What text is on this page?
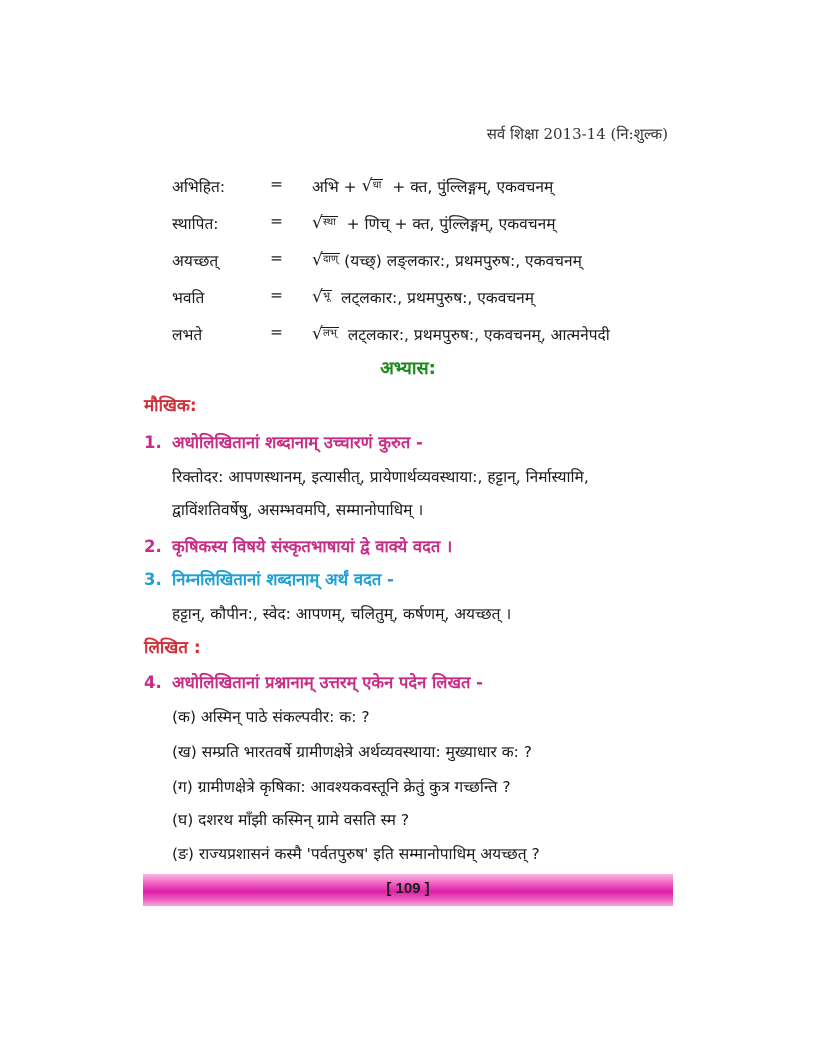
सर्व शिक्षा 2013-14 (नि:शुल्क)
अभिहित:	= अभि + √ धा + क्त, पुंल्लिङ्गम्, एकवचनम्
स्थापित:	= √ स्था + णिच् + क्त, पुंल्लिङ्गम्, एकवचनम्
अयच्छत्	= √ दाण् (यच्छ्) लङ्लकार:, प्रथमपुरुष:, एकवचनम्
भवति	= √ भू लट्लकार:, प्रथमपुरुष:, एकवचनम्
लभते	= √ लभ् लट्लकार:, प्रथमपुरुष:, एकवचनम्, आत्मनेपदी
अभ्यास:
मौखिक:
1. अधोलिखितानां शब्दानाम् उच्चारणं कुरुत -
रिक्तोदर: आपणस्थानम्, इत्यासीत्, प्रायेणार्थव्यवस्थाया:, हट्टान्, निर्मास्यामि,
द्वाविंशतिवर्षेषु, असम्भवमपि, सम्मानोपाधिम् ।
2. कृषिकस्य विषये संस्कृतभाषायां द्वे वाक्ये वदत ।
3. निम्नलिखितानां शब्दानाम् अर्थं वदत -
हट्टान्, कौपीन:, स्वेद: आपणम्, चलितुम्, कर्षणम्, अयच्छत् ।
लिखित :
4. अधोलिखितानां प्रश्नानाम् उत्तरम् एकेन पदेन लिखत -
(क) अस्मिन् पाठे संकल्पवीर: क: ?
(ख) सम्प्रति भारतवर्षे ग्रामीणक्षेत्रे अर्थव्यवस्थाया: मुख्याधार क: ?
(ग) ग्रामीणक्षेत्रे कृषिका: आवश्यकवस्तूनि क्रेतुं कुत्र गच्छन्ति ?
(घ) दशरथ माँझी कस्मिन् ग्रामे वसति स्म ?
(ङ) राज्यप्रशासनं कस्मै 'पर्वतपुरुष' इति सम्मानोपाधिम् अयच्छत् ?
[ 109 ]
